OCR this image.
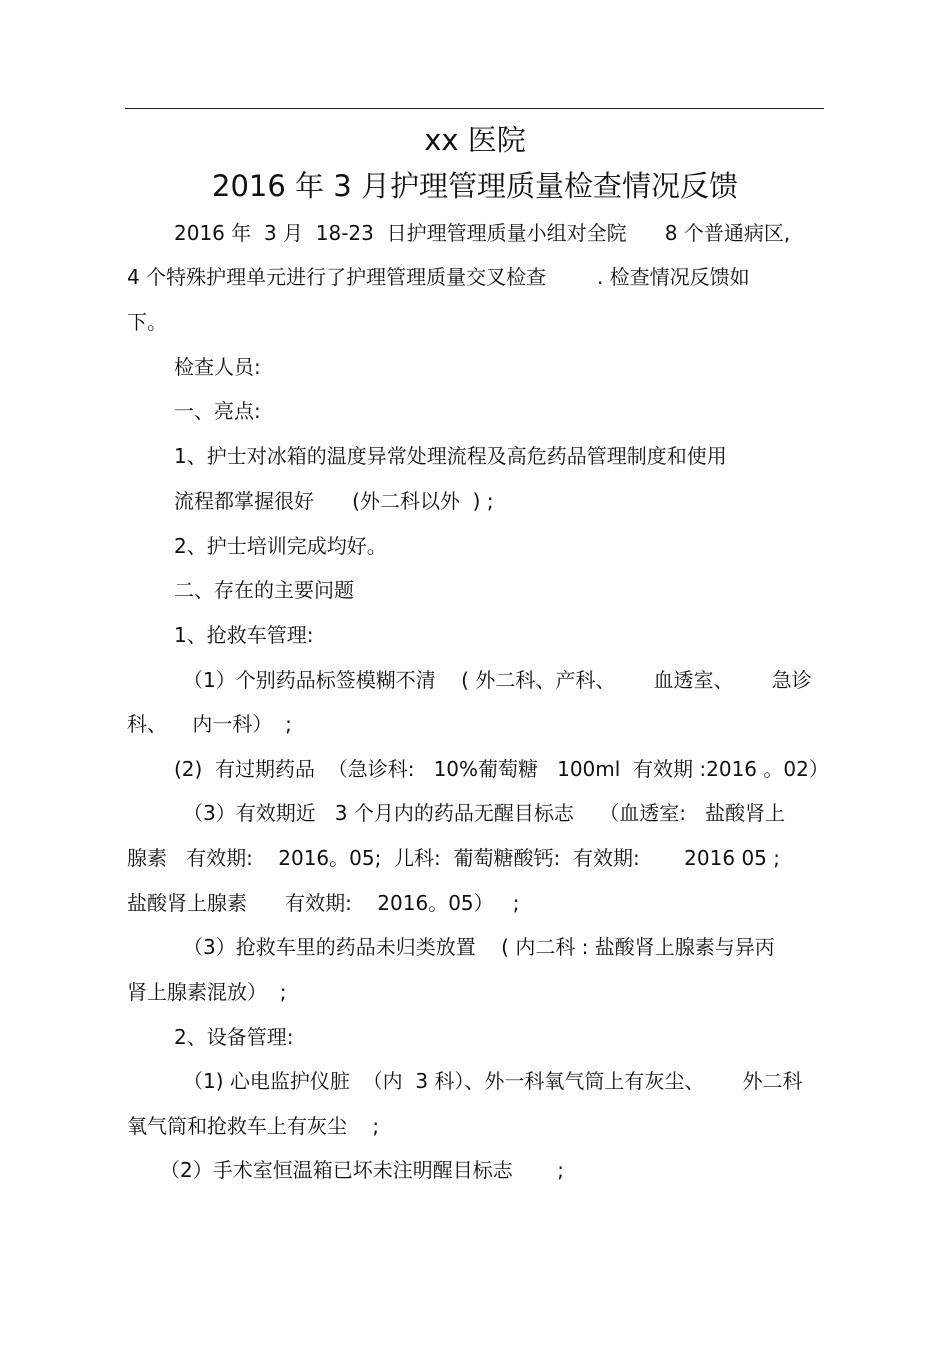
xx 医院
2016 年 3 月护理管理质量检查情况反馈
2016 年  3 月  18-23  日护理管理质量小组对全院      8 个普通病区,
4 个特殊护理单元进行了护理管理质量交叉检查        . 检查情况反馈如
下。
检查人员:
一、亮点:
1、护士对冰箱的温度异常处理流程及高危药品管理制度和使用
流程都掌握很好      (外二科以外  ) ;
2、护士培训完成均好。
二、存在的主要问题
1、抢救车管理:
（1）个别药品标签模糊不清    ( 外二科、产科、      血透室、      急诊
科、    内一科）  ;
(2)  有过期药品  （急诊科:   10%葡萄糖   100ml  有效期 :2016 。02）
（3）有效期近   3 个月内的药品无醒目标志    （血透室:   盐酸肾上
腺素   有效期:    2016。05;  儿科:  葡萄糖酸钙:  有效期:       2016 05 ;
盐酸肾上腺素      有效期:    2016。05）   ;
（3）抢救车里的药品未归类放置    ( 内二科 : 盐酸肾上腺素与异丙
肾上腺素混放）  ;
2、设备管理:
（1) 心电监护仪脏  （内  3 科）、外一科氧气筒上有灰尘、      外二科
氧气筒和抢救车上有灰尘    ;
（2）手术室恒温箱已坏未注明醒目标志       ;
